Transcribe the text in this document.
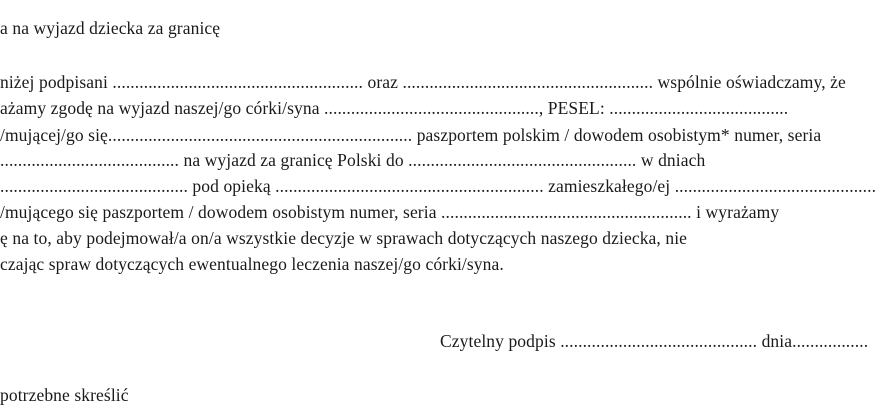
a na wyjazd dziecka za granicę
niżej podpisani ........................................................ oraz ........................................................ wspólnie oświadczamy, że
ażamy zgodę na wyjazd naszej/go córki/syna ................................................, PESEL: ........................................
/mującej/go się.................................................................... paszportem polskim / dowodem osobistym* numer, seria
........................................ na wyjazd za granicę Polski do ................................................... w dniach
.......................................... pod opieką ............................................................ zamieszkałego/ej .............................................
/mującego się paszportem / dowodem osobistym numer, seria ........................................................ i wyrażamy
ę na to, aby podejmował/a on/a wszystkie decyzje w sprawach dotyczących naszego dziecka, nie
czając spraw dotyczących ewentualnego leczenia naszej/go córki/syna.
Czytelny podpis ............................................ dnia.................
potrzebne skreślić
